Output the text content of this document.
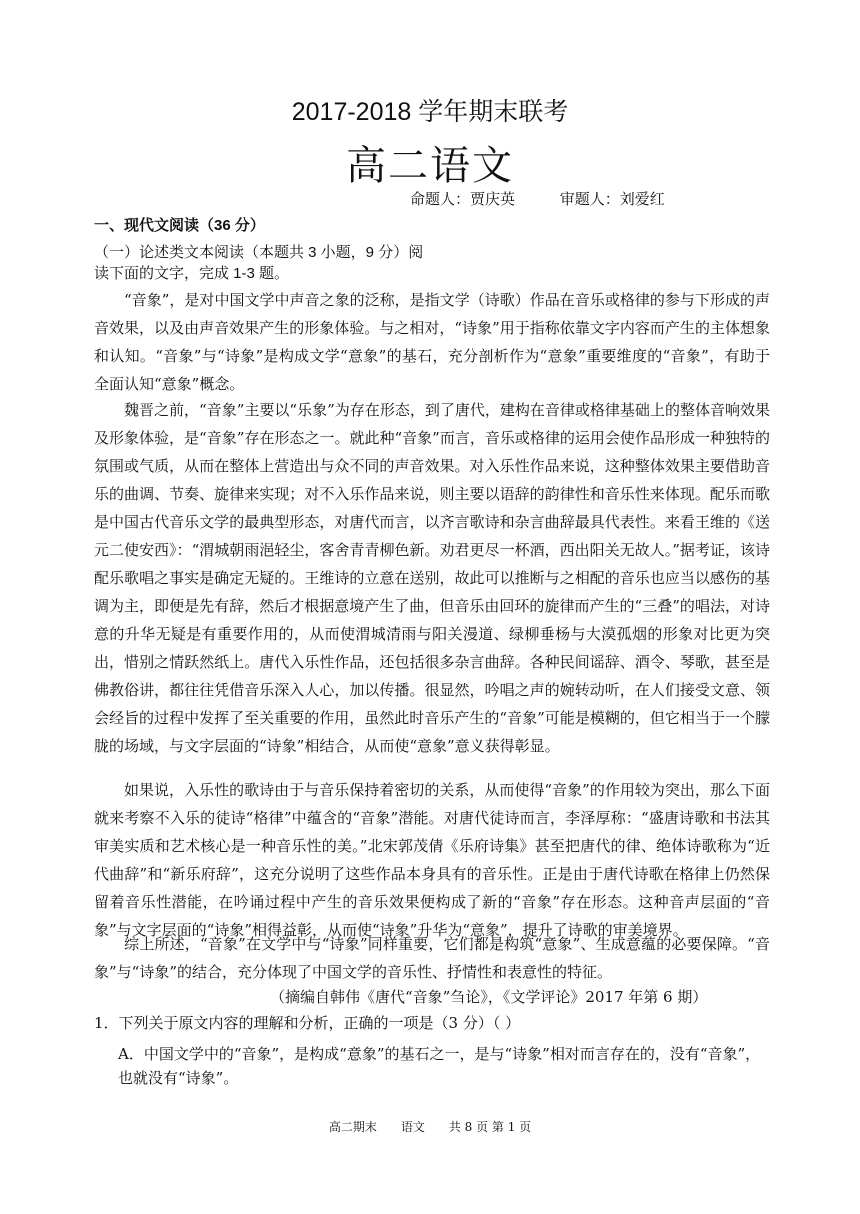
2017-2018 学年期末联考
高二语文
命题人：贾庆英	审题人：刘爱红
一、现代文阅读（36 分）
（一）论述类文本阅读（本题共 3 小题，9 分）阅读下面的文字，完成 1-3 题。
“音象”，是对中国文学中声音之象的泛称，是指文学（诗歌）作品在音乐或格律的参与下形成的声音效果，以及由声音效果产生的形象体验。与之相对，“诗象”用于指称依靠文字内容而产生的主体想象和认知。“音象”与“诗象”是构成文学“意象”的基石，充分剖析作为“意象”重要维度的“音象”，有助于全面认知“意象”概念。
魏晋之前，“音象”主要以“乐象”为存在形态，到了唐代，建构在音律或格律基础上的整体音响效果及形象体验，是“音象”存在形态之一。就此种“音象”而言，音乐或格律的运用会使作品形成一种独特的氛围或气质，从而在整体上营造出与众不同的声音效果。对入乐性作品来说，这种整体效果主要借助音乐的曲调、节奏、旋律来实现；对不入乐作品来说，则主要以语辞的韵律性和音乐性来体现。配乐而歌是中国古代音乐文学的最典型形态，对唐代而言，以齐言歌诗和杂言曲辞最具代表性。来看王维的《送元二使安西》：“渭城朝雨浥轻尘，客舍青青柳色新。劝君更尽一杯酒，西出阳关无故人。”据考证，该诗配乐歌唱之事实是确定无疑的。王维诗的立意在送别，故此可以推断与之相配的音乐也应当以感伤的基调为主，即便是先有辞，然后才根据意境产生了曲，但音乐由回环的旋律而产生的“三叠”的唱法，对诗意的升华无疑是有重要作用的，从而使渭城清雨与阳关漫道、绿柳垂杨与大漠孤烟的形象对比更为突出，惜别之情跃然纸上。唐代入乐性作品，还包括很多杂言曲辞。各种民间谣辞、酒令、琴歌，甚至是佛教俗讲，都往往凭借音乐深入人心，加以传播。很显然，吟唱之声的婉转动听，在人们接受文意、领会经旨的过程中发挥了至关重要的作用，虽然此时音乐产生的“音象”可能是模糊的，但它相当于一个朦胧的场域，与文字层面的“诗象”相结合，从而使“意象”意义获得彰显。
如果说，入乐性的歌诗由于与音乐保持着密切的关系，从而使得“音象”的作用较为突出，那么下面就来考察不入乐的徒诗“格律”中蕴含的“音象”潜能。对唐代徒诗而言，李泽厚称：“盛唐诗歌和书法其审美实质和艺术核心是一种音乐性的美。”北宋郭茂倩《乐府诗集》甚至把唐代的律、绝体诗歌称为“近代曲辞”和“新乐府辞”，这充分说明了这些作品本身具有的音乐性。正是由于唐代诗歌在格律上仍然保留着音乐性潜能，在吟诵过程中产生的音乐效果便构成了新的“音象”存在形态。这种音声层面的“音象”与文字层面的“诗象”相得益彰，从而使“诗象”升华为“意象”，提升了诗歌的审美境界。
综上所述，“音象”在文学中与“诗象”同样重要，它们都是构筑“意象”、生成意蕴的必要保障。“音象”与“诗象”的结合，充分体现了中国文学的音乐性、抒情性和表意性的特征。
（摘编自韩伟《唐代“音象”刍论》，《文学评论》2017 年第 6 期）
1．下列关于原文内容的理解和分析，正确的一项是（3 分）（ ）
A．中国文学中的“音象”，是构成“意象”的基石之一，是与“诗象”相对而言存在的，没有“音象”，也就没有“诗象”。
高二期末　　语文　　共 8 页 第 1 页
